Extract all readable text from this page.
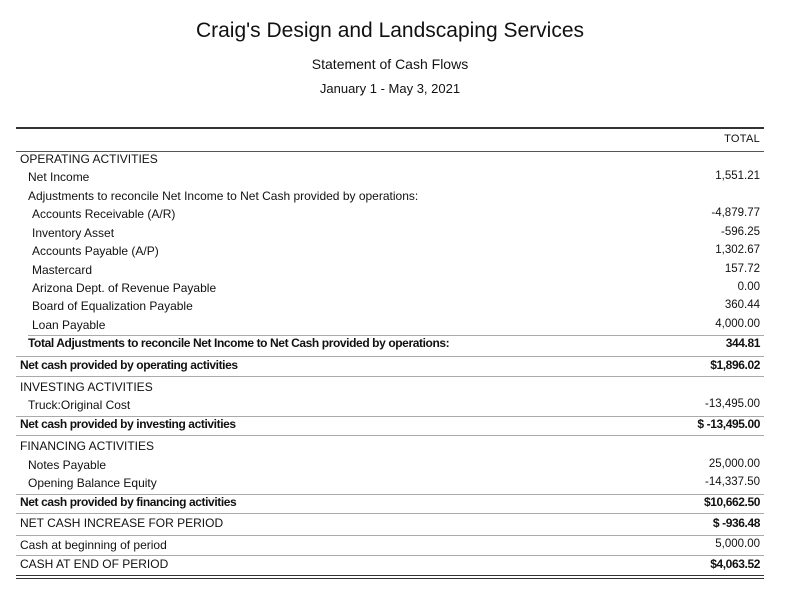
Craig's Design and Landscaping Services
Statement of Cash Flows
January 1 - May 3, 2021
TOTAL
OPERATING ACTIVITIES
Net Income	1,551.21
Adjustments to reconcile Net Income to Net Cash provided by operations:
Accounts Receivable (A/R)	-4,879.77
Inventory Asset	-596.25
Accounts Payable (A/P)	1,302.67
Mastercard	157.72
Arizona Dept. of Revenue Payable	0.00
Board of Equalization Payable	360.44
Loan Payable	4,000.00
Total Adjustments to reconcile Net Income to Net Cash provided by operations:	344.81
Net cash provided by operating activities	$1,896.02
INVESTING ACTIVITIES
Truck:Original Cost	-13,495.00
Net cash provided by investing activities	$ -13,495.00
FINANCING ACTIVITIES
Notes Payable	25,000.00
Opening Balance Equity	-14,337.50
Net cash provided by financing activities	$10,662.50
NET CASH INCREASE FOR PERIOD	$ -936.48
Cash at beginning of period	5,000.00
CASH AT END OF PERIOD	$4,063.52
